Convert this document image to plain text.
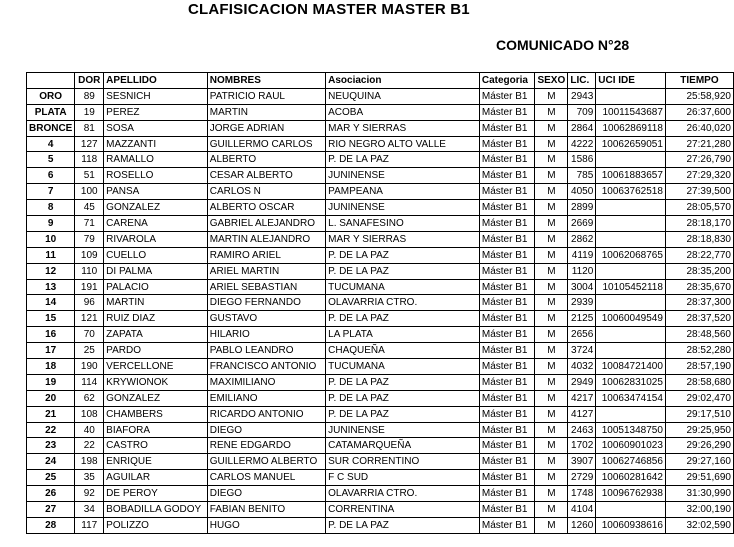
CLAFISICACION MASTER MASTER B1
COMUNICADO N°28
	DOR	APELLIDO	NOMBRES	Asociacion	Categoria	SEXO	LIC.	UCI IDE	TIEMPO
ORO	89	SESNICH	PATRICIO RAUL	NEUQUINA	Máster B1	M	2943		25:58,920
PLATA	19	PEREZ	MARTIN	ACOBA	Máster B1	M	709	10011543687	26:37,600
BRONCE	81	SOSA	JORGE ADRIAN	MAR Y SIERRAS	Máster B1	M	2864	10062869118	26:40,020
4	127	MAZZANTI	GUILLERMO CARLOS	RIO NEGRO ALTO VALLE	Máster B1	M	4222	10062659051	27:21,280
5	118	RAMALLO	ALBERTO	P. DE LA PAZ	Máster B1	M	1586		27:26,790
6	51	ROSELLO	CESAR ALBERTO	JUNINENSE	Máster B1	M	785	10061883657	27:29,320
7	100	PANSA	CARLOS N	PAMPEANA	Máster B1	M	4050	10063762518	27:39,500
8	45	GONZALEZ	ALBERTO OSCAR	JUNINENSE	Máster B1	M	2899		28:05,570
9	71	CARENA	GABRIEL ALEJANDRO	L. SANAFESINO	Máster B1	M	2669		28:18,170
10	79	RIVAROLA	MARTIN ALEJANDRO	MAR Y SIERRAS	Máster B1	M	2862		28:18,830
11	109	CUELLO	RAMIRO ARIEL	P. DE LA PAZ	Máster B1	M	4119	10062068765	28:22,770
12	110	DI PALMA	ARIEL MARTIN	P. DE LA PAZ	Máster B1	M	1120		28:35,200
13	191	PALACIO	ARIEL SEBASTIAN	TUCUMANA	Máster B1	M	3004	10105452118	28:35,670
14	96	MARTIN	DIEGO FERNANDO	OLAVARRIA CTRO.	Máster B1	M	2939		28:37,300
15	121	RUIZ DIAZ	GUSTAVO	P. DE LA PAZ	Máster B1	M	2125	10060049549	28:37,520
16	70	ZAPATA	HILARIO	LA PLATA	Máster B1	M	2656		28:48,560
17	25	PARDO	PABLO LEANDRO	CHAQUEÑA	Máster B1	M	3724		28:52,280
18	190	VERCELLONE	FRANCISCO ANTONIO	TUCUMANA	Máster B1	M	4032	10084721400	28:57,190
19	114	KRYWIONOK	MAXIMILIANO	P. DE LA PAZ	Máster B1	M	2949	10062831025	28:58,680
20	62	GONZALEZ	EMILIANO	P. DE LA PAZ	Máster B1	M	4217	10063474154	29:02,470
21	108	CHAMBERS	RICARDO ANTONIO	P. DE LA PAZ	Máster B1	M	4127		29:17,510
22	40	BIAFORA	DIEGO	JUNINENSE	Máster B1	M	2463	10051348750	29:25,950
23	22	CASTRO	RENE EDGARDO	CATAMARQUEÑA	Máster B1	M	1702	10060901023	29:26,290
24	198	ENRIQUE	GUILLERMO ALBERTO	SUR CORRENTINO	Máster B1	M	3907	10062746856	29:27,160
25	35	AGUILAR	CARLOS MANUEL	F C SUD	Máster B1	M	2729	10060281642	29:51,690
26	92	DE PEROY	DIEGO	OLAVARRIA CTRO.	Máster B1	M	1748	10096762938	31:30,990
27	34	BOBADILLA GODOY	FABIAN BENITO	CORRENTINA	Máster B1	M	4104		32:00,190
28	117	POLIZZO	HUGO	P. DE LA PAZ	Máster B1	M	1260	10060938616	32:02,590
